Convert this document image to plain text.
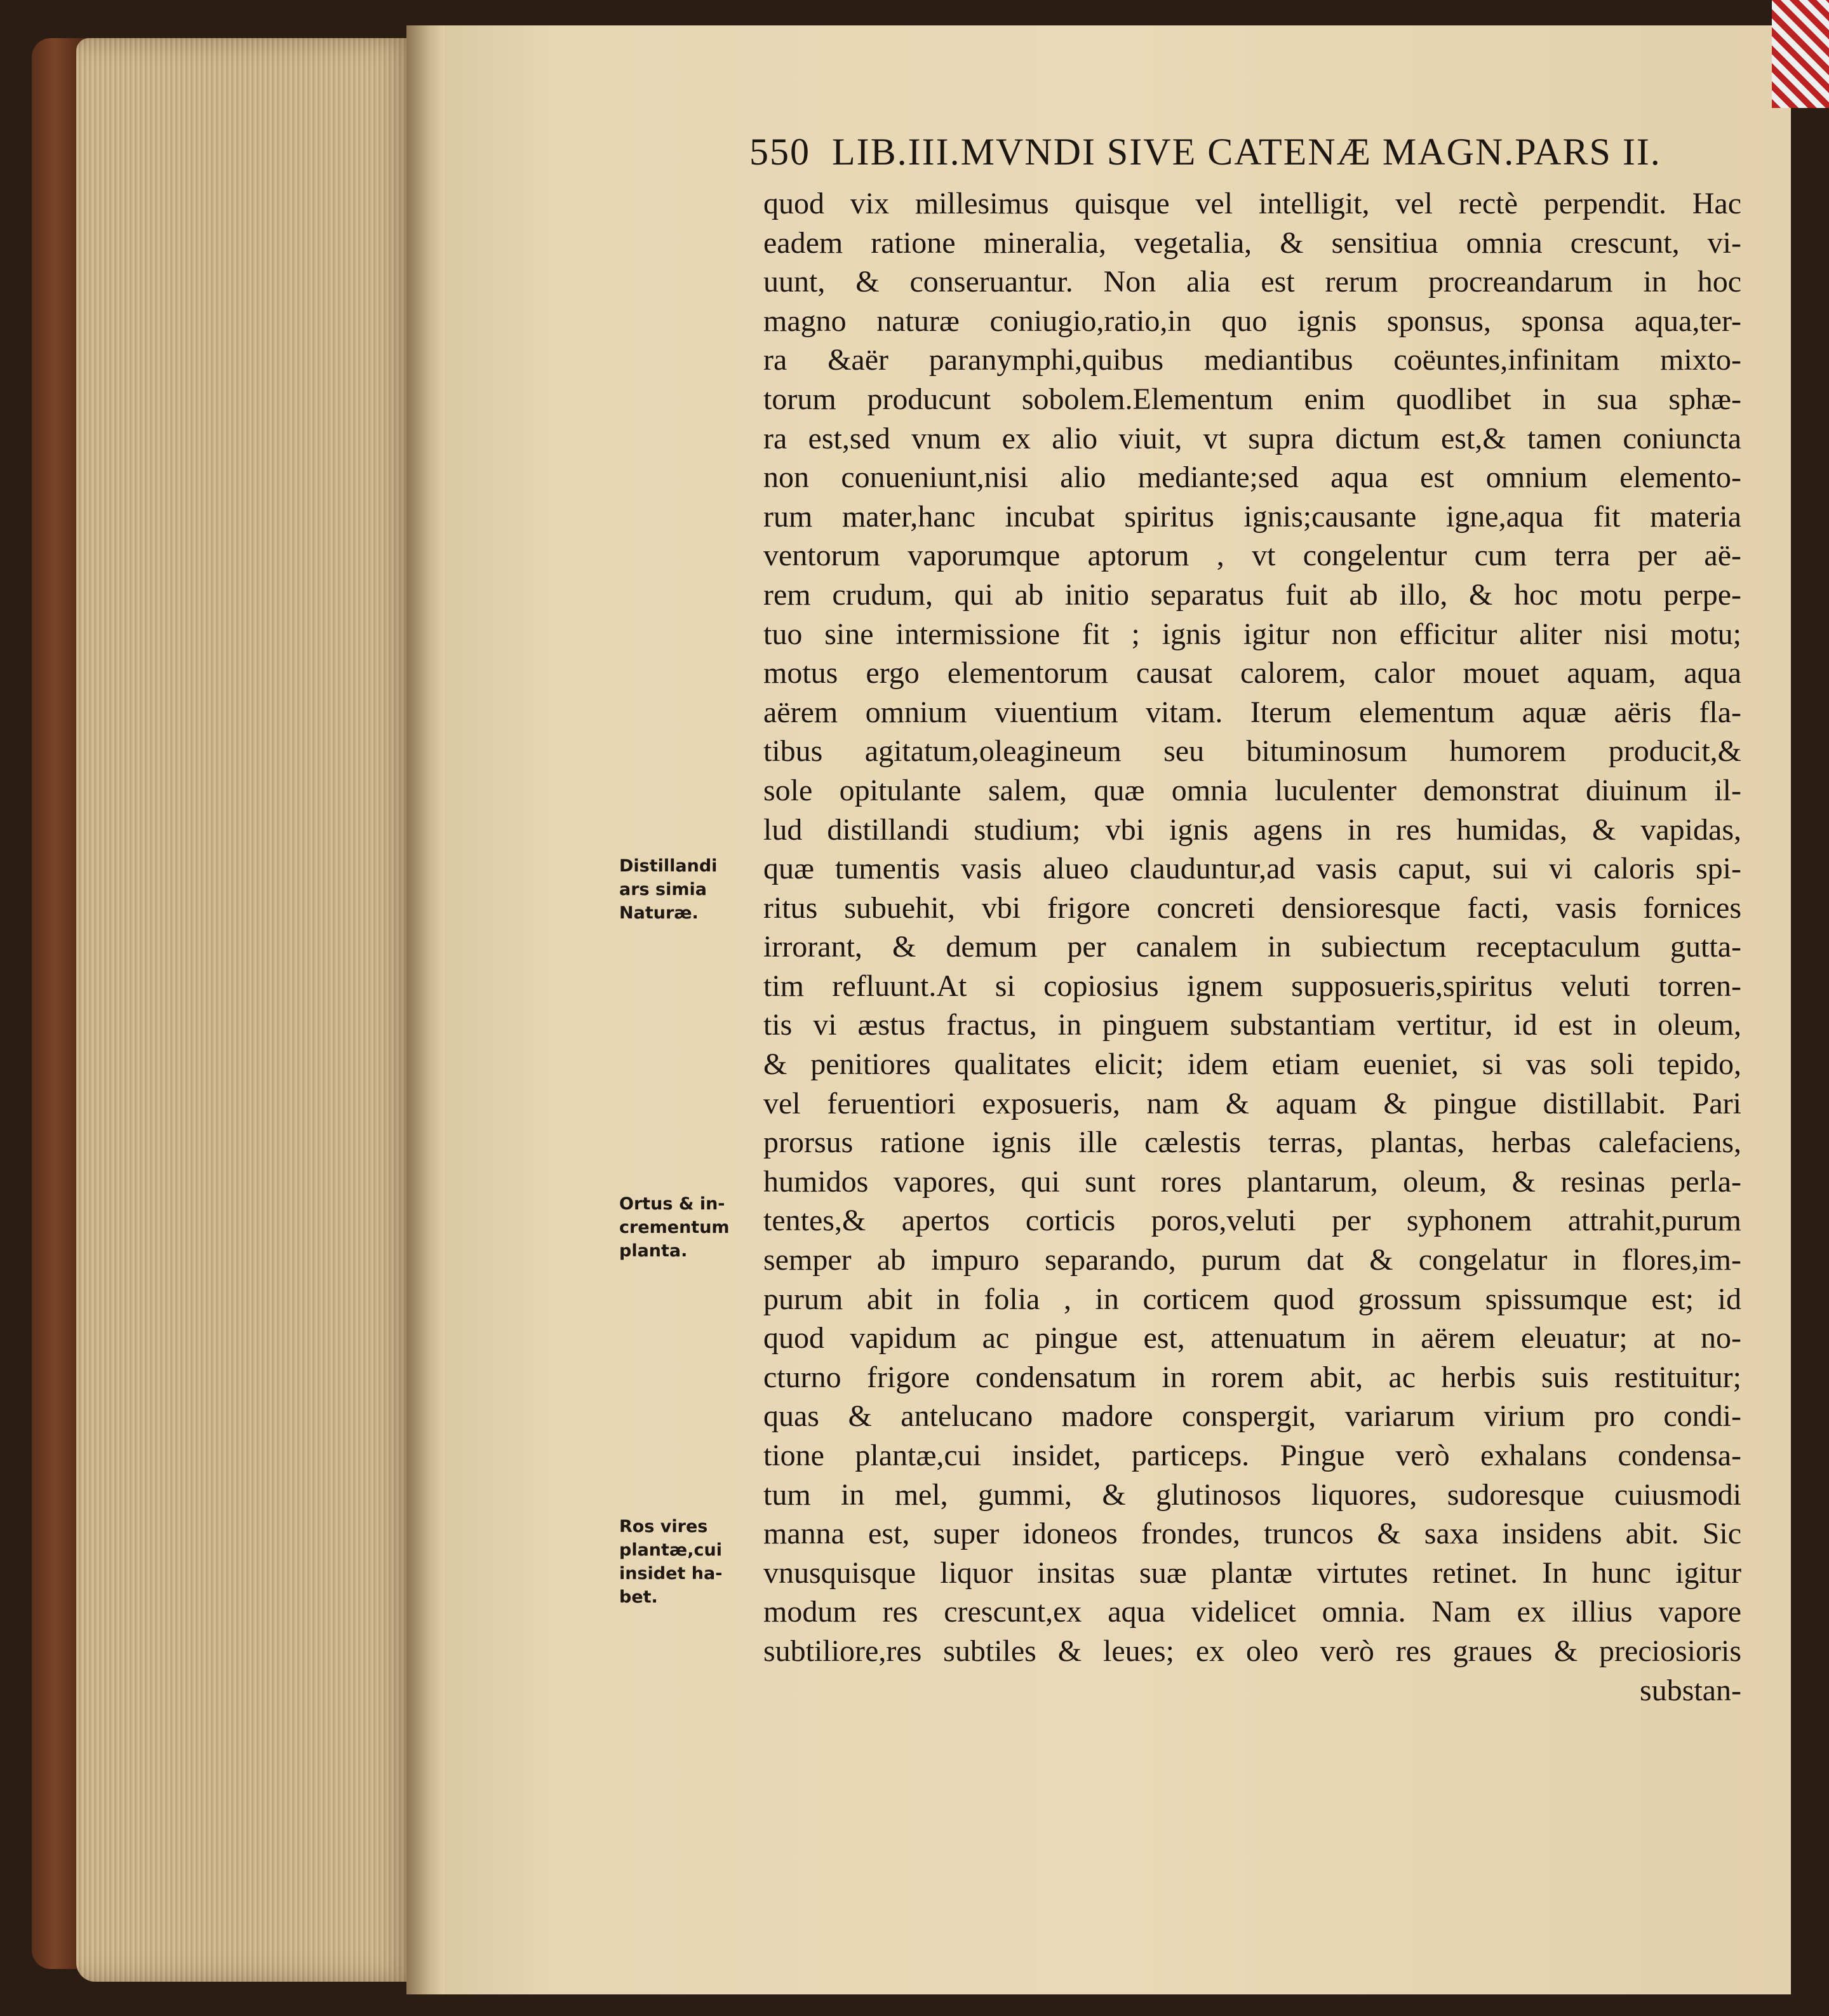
550 LIB.III.MVNDI SIVE CATENÆ MAGN.PARS II.
quod vix millesimus quisque vel intelligit, vel rectè perpendit. Hac
eadem ratione mineralia, vegetalia, & sensitiua omnia crescunt, vi-
uunt, & conseruantur. Non alia est rerum procreandarum in hoc
magno naturæ coniugio,ratio,in quo ignis sponsus, sponsa aqua,ter-
ra &aër paranymphi,quibus mediantibus coëuntes,infinitam mixto-
torum producunt sobolem.Elementum enim quodlibet in sua sphæ-
ra est,sed vnum ex alio viuit, vt supra dictum est,& tamen coniuncta
non conueniunt,nisi alio mediante;sed aqua est omnium elemento-
rum mater,hanc incubat spiritus ignis;causante igne,aqua fit materia
ventorum vaporumque aptorum , vt congelentur cum terra per aë-
rem crudum, qui ab initio separatus fuit ab illo, & hoc motu perpe-
tuo sine intermissione fit ; ignis igitur non efficitur aliter nisi motu;
motus ergo elementorum causat calorem, calor mouet aquam, aqua
aërem omnium viuentium vitam. Iterum elementum aquæ aëris fla-
tibus agitatum,oleagineum seu bituminosum humorem producit,&
sole opitulante salem, quæ omnia luculenter demonstrat diuinum il-
lud distillandi studium; vbi ignis agens in res humidas, & vapidas,
quæ tumentis vasis alueo clauduntur,ad vasis caput, sui vi caloris spi-
ritus subuehit, vbi frigore concreti densioresque facti, vasis fornices
irrorant, & demum per canalem in subiectum receptaculum gutta-
tim refluunt.At si copiosius ignem supposueris,spiritus veluti torren-
tis vi æstus fractus, in pinguem substantiam vertitur, id est in oleum,
& penitiores qualitates elicit; idem etiam eueniet, si vas soli tepido,
vel feruentiori exposueris, nam & aquam & pingue distillabit. Pari
prorsus ratione ignis ille cælestis terras, plantas, herbas calefaciens,
humidos vapores, qui sunt rores plantarum, oleum, & resinas perla-
tentes,& apertos corticis poros,veluti per syphonem attrahit,purum
semper ab impuro separando, purum dat & congelatur in flores,im-
purum abit in folia , in corticem quod grossum spissumque est; id
quod vapidum ac pingue est, attenuatum in aërem eleuatur; at no-
cturno frigore condensatum in rorem abit, ac herbis suis restituitur;
quas & antelucano madore conspergit, variarum virium pro condi-
tione plantæ,cui insidet, particeps. Pingue verò exhalans condensa-
tum in mel, gummi, & glutinosos liquores, sudoresque cuiusmodi
manna est, super idoneos frondes, truncos & saxa insidens abit. Sic
vnusquisque liquor insitas suæ plantæ virtutes retinet. In hunc igitur
modum res crescunt,ex aqua videlicet omnia. Nam ex illius vapore
subtiliore,res subtiles & leues; ex oleo verò res graues & preciosioris
substan-
Distillandi
ars simia
Naturæ.
Ortus & in-
crementum
planta.
Ros vires
plantæ,cui
insidet ha-
bet.
